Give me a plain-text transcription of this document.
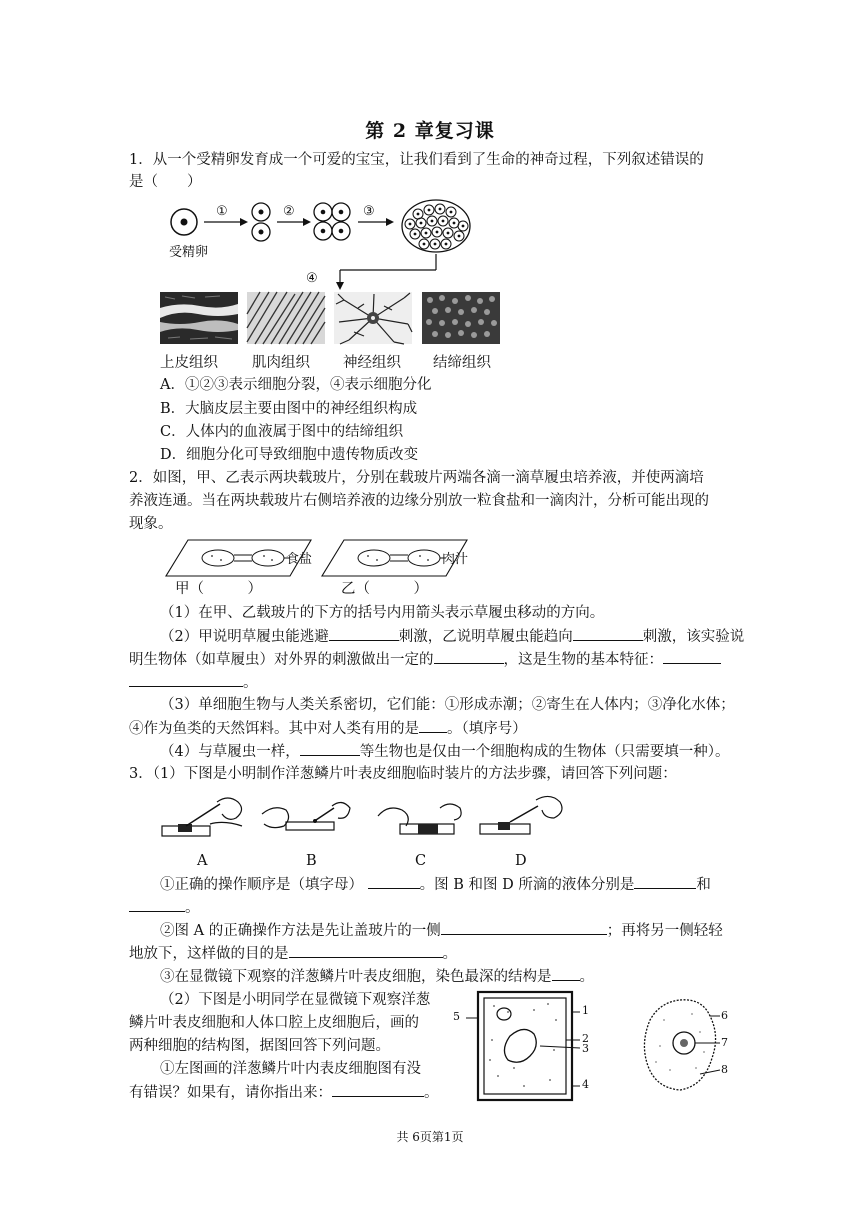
第 2 章复习课
1．从一个受精卵发育成一个可爱的宝宝，让我们看到了生命的神奇过程，下列叙述错误的
是（　　）
受精卵
①	②	③
④
上皮组织 肌肉组织 神经组织 结缔组织
A．①②③表示细胞分裂，④表示细胞分化
B．大脑皮层主要由图中的神经组织构成
C．人体内的血液属于图中的结缔组织
D．细胞分化可导致细胞中遗传物质改变
2．如图，甲、乙表示两块载玻片，分别在载玻片两端各滴一滴草履虫培养液，并使两滴培
养液连通。当在两块载玻片右侧培养液的边缘分别放一粒食盐和一滴肉汁，分析可能出现的
现象。
食盐	肉汁
甲（　　　）	乙（　　　）
（1）在甲、乙载玻片的下方的括号内用箭头表示草履虫移动的方向。
（2）甲说明草履虫能逃避	刺激，乙说明草履虫能趋向	刺激，该实验说
明生物体（如草履虫）对外界的刺激做出一定的	，这是生物的基本特征：
。
（3）单细胞生物与人类关系密切，它们能：①形成赤潮；②寄生在人体内；③净化水体；
④作为鱼类的天然饵料。其中对人类有用的是 。（填序号）
（4）与草履虫一样，	等生物也是仅由一个细胞构成的生物体（只需要填一种）。
3．（1）下图是小明制作洋葱鳞片叶表皮细胞临时装片的方法步骤，请回答下列问题：
A	B	C	D
①正确的操作顺序是（填字母）	。图 B 和图 D 所滴的液体分别是	和
。
②图 A 的正确操作方法是先让盖玻片的一侧	；再将另一侧轻轻
地放下，这样做的目的是	。
③在显微镜下观察的洋葱鳞片叶表皮细胞，染色最深的结构是 。
（2）下图是小明同学在显微镜下观察洋葱
鳞片叶表皮细胞和人体口腔上皮细胞后，画的
两种细胞的结构图，据图回答下列问题。
①左图画的洋葱鳞片叶内表皮细胞图有没
有错误？如果有，请你指出来：	。
5	1
2
3
4
6
7
8
共 6页第1页
